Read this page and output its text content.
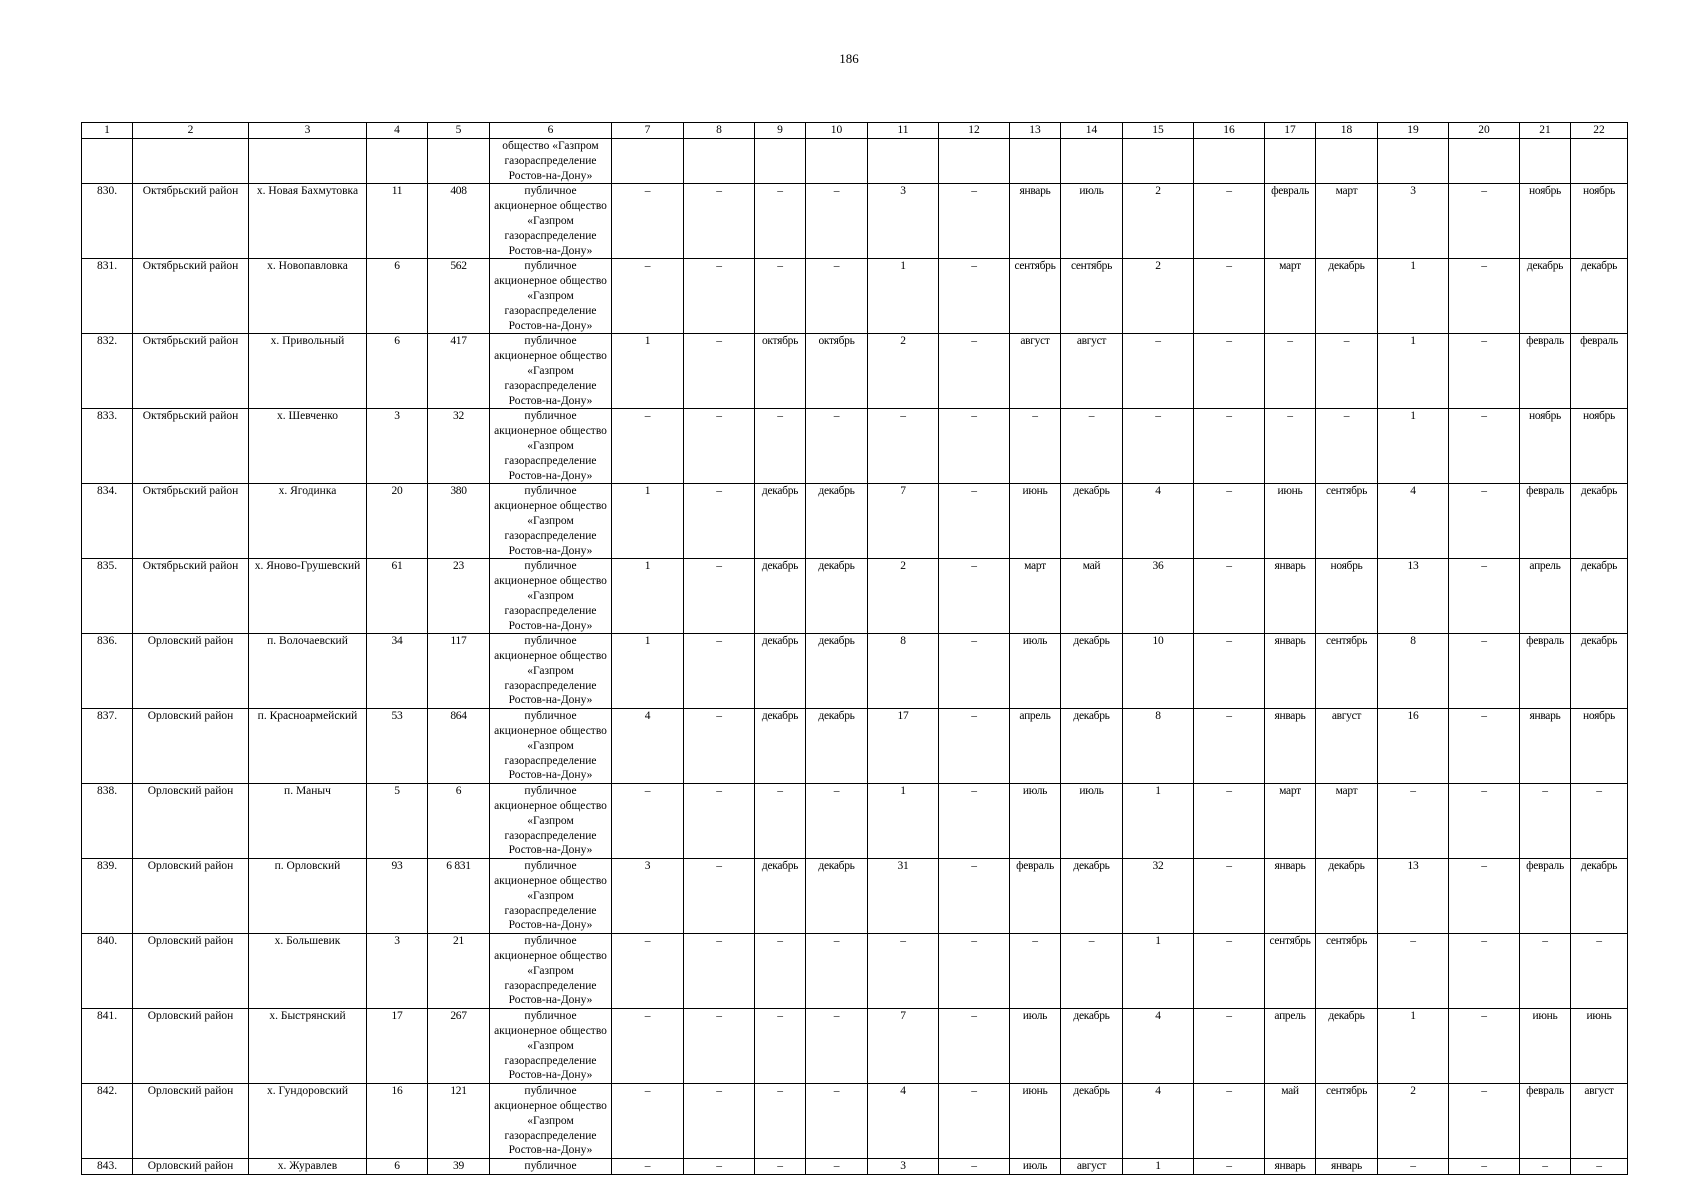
186
1	2	3	4	5	6	7	8	9	10	11	12	13	14	15	16	17	18	19	20	21	22
					общество «Газпром газораспределение Ростов-на-Дону»																
830.	Октябрьский район	х. Новая Бахмутовка	11	408	публичное акционерное общество «Газпром газораспределение Ростов-на-Дону»	–	–	–	–	3	–	январь	июль	2	–	февраль	март	3	–	ноябрь	ноябрь
831.	Октябрьский район	х. Новопавловка	6	562	публичное акционерное общество «Газпром газораспределение Ростов-на-Дону»	–	–	–	–	1	–	сентябрь	сентябрь	2	–	март	декабрь	1	–	декабрь	декабрь
832.	Октябрьский район	х. Привольный	6	417	публичное акционерное общество «Газпром газораспределение Ростов-на-Дону»	1	–	октябрь	октябрь	2	–	август	август	–	–	–	–	1	–	февраль	февраль
833.	Октябрьский район	х. Шевченко	3	32	публичное акционерное общество «Газпром газораспределение Ростов-на-Дону»	–	–	–	–	–	–	–	–	–	–	–	–	1	–	ноябрь	ноябрь
834.	Октябрьский район	х. Ягодинка	20	380	публичное акционерное общество «Газпром газораспределение Ростов-на-Дону»	1	–	декабрь	декабрь	7	–	июнь	декабрь	4	–	июнь	сентябрь	4	–	февраль	декабрь
835.	Октябрьский район	х. Яново-Грушевский	61	23	публичное акционерное общество «Газпром газораспределение Ростов-на-Дону»	1	–	декабрь	декабрь	2	–	март	май	36	–	январь	ноябрь	13	–	апрель	декабрь
836.	Орловский район	п. Волочаевский	34	117	публичное акционерное общество «Газпром газораспределение Ростов-на-Дону»	1	–	декабрь	декабрь	8	–	июль	декабрь	10	–	январь	сентябрь	8	–	февраль	декабрь
837.	Орловский район	п. Красноармейский	53	864	публичное акционерное общество «Газпром газораспределение Ростов-на-Дону»	4	–	декабрь	декабрь	17	–	апрель	декабрь	8	–	январь	август	16	–	январь	ноябрь
838.	Орловский район	п. Маныч	5	6	публичное акционерное общество «Газпром газораспределение Ростов-на-Дону»	–	–	–	–	1	–	июль	июль	1	–	март	март	–	–	–	–
839.	Орловский район	п. Орловский	93	6 831	публичное акционерное общество «Газпром газораспределение Ростов-на-Дону»	3	–	декабрь	декабрь	31	–	февраль	декабрь	32	–	январь	декабрь	13	–	февраль	декабрь
840.	Орловский район	х. Большевик	3	21	публичное акционерное общество «Газпром газораспределение Ростов-на-Дону»	–	–	–	–	–	–	–	–	1	–	сентябрь	сентябрь	–	–	–	–
841.	Орловский район	х. Быстрянский	17	267	публичное акционерное общество «Газпром газораспределение Ростов-на-Дону»	–	–	–	–	7	–	июль	декабрь	4	–	апрель	декабрь	1	–	июнь	июнь
842.	Орловский район	х. Гундоровский	16	121	публичное акционерное общество «Газпром газораспределение Ростов-на-Дону»	–	–	–	–	4	–	июнь	декабрь	4	–	май	сентябрь	2	–	февраль	август
843.	Орловский район	х. Журавлев	6	39	публичное	–	–	–	–	3	–	июль	август	1	–	январь	январь	–	–	–	–
